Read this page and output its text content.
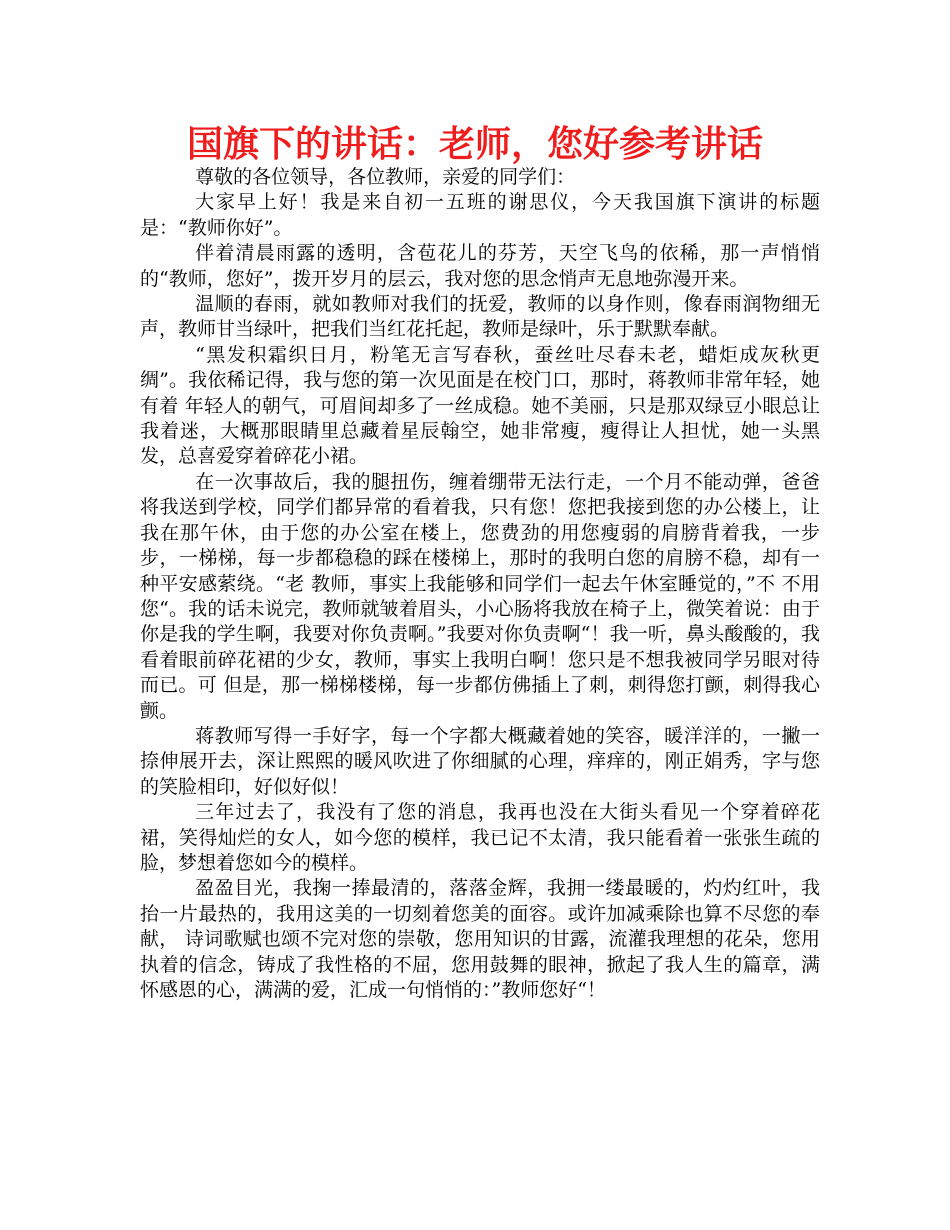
国旗下的讲话：老师，您好参考讲话

尊敬的各位领导，各位教师，亲爱的同学们：

大家早上好！我是来自初一五班的谢思仪，今天我国旗下演讲的标题是：“教师你好”。

伴着清晨雨露的透明，含苞花儿的芬芳，天空飞鸟的依稀，那一声悄悄的“教师，您好”，拨开岁月的层云，我对您的思念悄声无息地弥漫开来。

温顺的春雨，就如教师对我们的抚爱，教师的以身作则，像春雨润物细无声，教师甘当绿叶，把我们当红花托起，教师是绿叶，乐于默默奉献。

“黑发积霜织日月，粉笔无言写春秋，蚕丝吐尽春未老，蜡炬成灰秋更绸”。我依稀记得，我与您的第一次见面是在校门口，那时，蒋教师非常年轻，她有着 年轻人的朝气，可眉间却多了一丝成稳。她不美丽，只是那双绿豆小眼总让我着迷，大概那眼睛里总藏着星辰翰空，她非常瘦，瘦得让人担忧，她一头黑发，总喜爱穿着碎花小裙。

在一次事故后，我的腿扭伤，缠着绷带无法行走，一个月不能动弹，爸爸将我送到学校，同学们都异常的看着我，只有您！您把我接到您的办公楼上，让我在那午休，由于您的办公室在楼上，您费劲的用您瘦弱的肩膀背着我，一步步，一梯梯，每一步都稳稳的踩在楼梯上，那时的我明白您的肩膀不稳，却有一种平安感萦绕。“老 教师，事实上我能够和同学们一起去午休室睡觉的，”不 不用您“。我的话未说完，教师就皱着眉头，小心肠将我放在椅子上，微笑着说：由于你是我的学生啊，我要对你负责啊。”我要对你负责啊“！我一听，鼻头酸酸的，我看着眼前碎花裙的少女，教师，事实上我明白啊！您只是不想我被同学另眼对待而已。可 但是，那一梯梯楼梯，每一步都仿佛插上了刺，刺得您打颤，刺得我心颤。

蒋教师写得一手好字，每一个字都大概藏着她的笑容，暖洋洋的，一撇一捺伸展开去，深让熙熙的暖风吹进了你细腻的心理，痒痒的，刚正娟秀，字与您的笑脸相印，好似好似！

三年过去了，我没有了您的消息，我再也没在大街头看见一个穿着碎花裙，笑得灿烂的女人，如今您的模样，我已记不太清，我只能看着一张张生疏的脸，梦想着您如今的模样。

盈盈目光，我掬一捧最清的，落落金辉，我拥一缕最暖的，灼灼红叶，我抬一片最热的，我用这美的一切刻着您美的面容。或许加减乘除也算不尽您的奉献， 诗词歌赋也颂不完对您的崇敬，您用知识的甘露，流灌我理想的花朵，您用执着的信念，铸成了我性格的不屈，您用鼓舞的眼神，掀起了我人生的篇章，满怀感恩的心，满满的爱，汇成一句悄悄的：”教师您好“！
